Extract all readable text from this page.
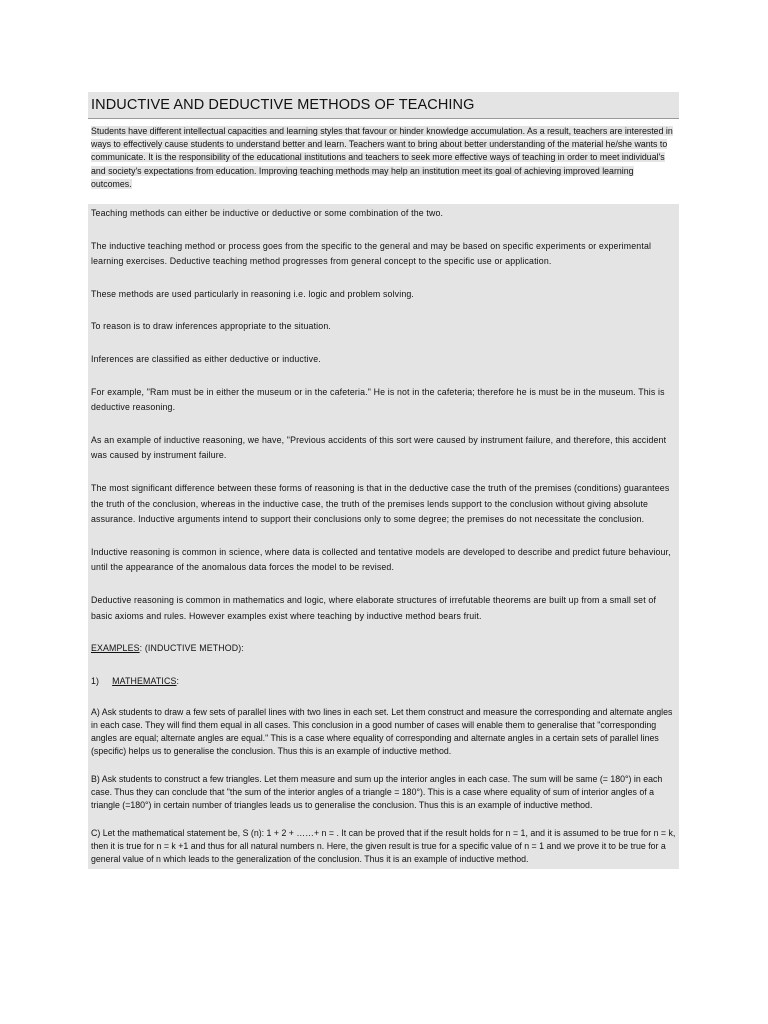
INDUCTIVE AND DEDUCTIVE METHODS OF TEACHING
Students have different intellectual capacities and learning styles that favour or hinder knowledge accumulation. As a result, teachers are interested in ways to effectively cause students to understand better and learn. Teachers want to bring about better understanding of the material he/she wants to communicate. It is the responsibility of the educational institutions and teachers to seek more effective ways of teaching in order to meet individual's and society's expectations from education. Improving teaching methods may help an institution meet its goal of achieving improved learning outcomes.

Teaching methods can either be inductive or deductive or some combination of the two.

The inductive teaching method or process goes from the specific to the general and may be based on specific experiments or experimental learning exercises. Deductive teaching method progresses from general concept to the specific use or application.

These methods are used particularly in reasoning i.e. logic and problem solving.

To reason is to draw inferences appropriate to the situation.

Inferences are classified as either deductive or inductive.

For example, "Ram must be in either the museum or in the cafeteria." He is not in the cafeteria; therefore he is must be in the museum. This is deductive reasoning.

As an example of inductive reasoning, we have, "Previous accidents of this sort were caused by instrument failure, and therefore, this accident was caused by instrument failure.

The most significant difference between these forms of reasoning is that in the deductive case the truth of the premises (conditions) guarantees the truth of the conclusion, whereas in the inductive case, the truth of the premises lends support to the conclusion without giving absolute assurance. Inductive arguments intend to support their conclusions only to some degree; the premises do not necessitate the conclusion.

Inductive reasoning is common in science, where data is collected and tentative models are developed to describe and predict future behaviour, until the appearance of the anomalous data forces the model to be revised.

Deductive reasoning is common in mathematics and logic, where elaborate structures of irrefutable theorems are built up from a small set of basic axioms and rules. However examples exist where teaching by inductive method bears fruit.

EXAMPLES: (INDUCTIVE METHOD):

1) MATHEMATICS:

A) Ask students to draw a few sets of parallel lines with two lines in each set. Let them construct and measure the corresponding and alternate angles in each case. They will find them equal in all cases. This conclusion in a good number of cases will enable them to generalise that "corresponding angles are equal; alternate angles are equal." This is a case where equality of corresponding and alternate angles in a certain sets of parallel lines (specific) helps us to generalise the conclusion. Thus this is an example of inductive method.

B) Ask students to construct a few triangles. Let them measure and sum up the interior angles in each case. The sum will be same (= 180°) in each case. Thus they can conclude that "the sum of the interior angles of a triangle = 180°). This is a case where equality of sum of interior angles of a triangle (=180°) in certain number of triangles leads us to generalise the conclusion. Thus this is an example of inductive method.

C) Let the mathematical statement be, S (n): 1 + 2 + ……+ n = . It can be proved that if the result holds for n = 1, and it is assumed to be true for n = k, then it is true for n = k +1 and thus for all natural numbers n. Here, the given result is true for a specific value of n = 1 and we prove it to be true for a general value of n which leads to the generalization of the conclusion. Thus it is an example of inductive method.
